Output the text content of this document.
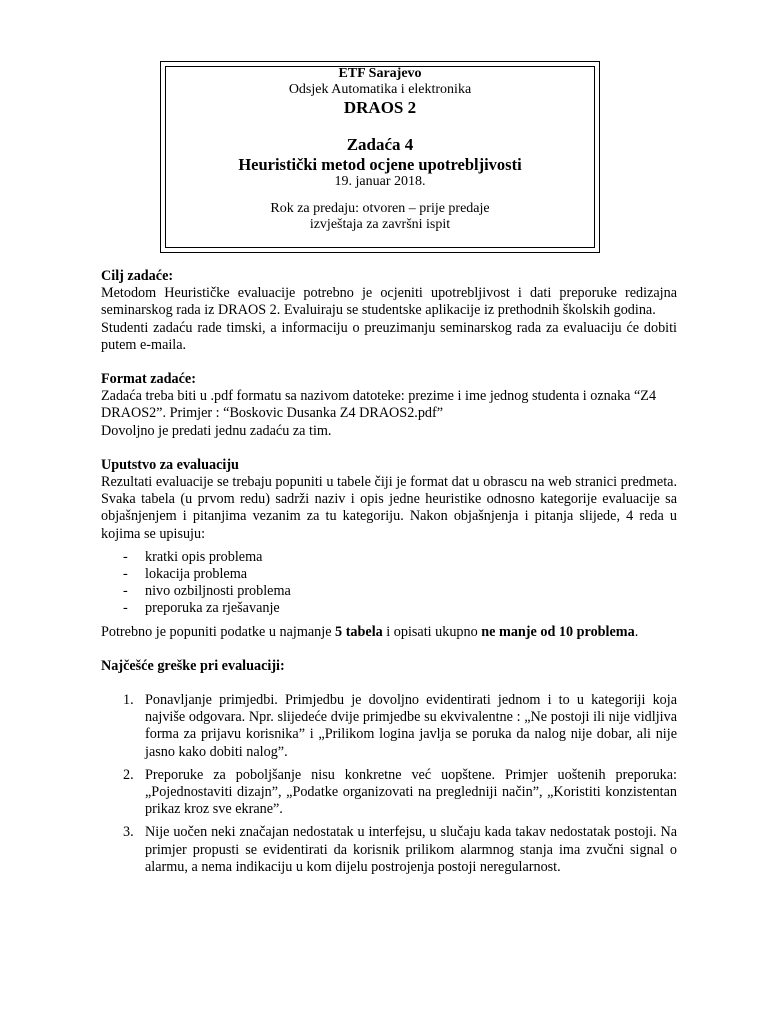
ETF Sarajevo
Odsjek Automatika i elektronika
DRAOS 2
Zadaća 4
Heuristički metod ocjene upotrebljivosti
19. januar 2018.
Rok za predaju: otvoren – prije predaje
izvještaja za završni ispit
Cilj zadaće:

Metodom Heurističke evaluacije potrebno je ocjeniti upotrebljivost i dati preporuke redizajna seminarskog rada iz DRAOS 2. Evaluiraju se studentske aplikacije iz prethodnih školskih godina.

Studenti zadaću rade timski, a informaciju o preuzimanju seminarskog rada za evaluaciju će dobiti putem e-maila.

Format zadaće:

Zadaća treba biti u .pdf formatu sa nazivom datoteke: prezime i ime jednog studenta i oznaka “Z4 DRAOS2”. Primjer : “Boskovic Dusanka Z4 DRAOS2.pdf”

Dovoljno je predati jednu zadaću za tim.

Uputstvo za evaluaciju

Rezultati evaluacije se trebaju popuniti u tabele čiji je format dat u obrascu na web stranici predmeta. Svaka tabela (u prvom redu) sadrži naziv i opis jedne heuristike odnosno kategorije evaluacije sa objašnjenjem i pitanjima vezanim za tu kategoriju. Nakon objašnjenja i pitanja slijede, 4 reda u kojima se upisuju:

- kratki opis problema
- lokacija problema
- nivo ozbiljnosti problema
- preporuka za rješavanje

Potrebno je popuniti podatke u najmanje 5 tabela i opisati ukupno ne manje od 10 problema.

Najčešće greške pri evaluaciji:
1. Ponavljanje primjedbi. Primjedbu je dovoljno evidentirati jednom i to u kategoriji koja najviše odgovara. Npr. slijedeće dvije primjedbe su ekvivalentne : „Ne postoji ili nije vidljiva forma za prijavu korisnika” i „Prilikom logina javlja se poruka da nalog nije dobar, ali nije jasno kako dobiti nalog”.
2. Preporuke za poboljšanje nisu konkretne već uopštene. Primjer uoštenih preporuka: „Pojednostaviti dizajn”, „Podatke organizovati na pregledniji način”, „Koristiti konzistentan prikaz kroz sve ekrane”.
3. Nije uočen neki značajan nedostatak u interfejsu, u slučaju kada takav nedostatak postoji. Na primjer propusti se evidentirati da korisnik prilikom alarmnog stanja ima zvučni signal o alarmu, a nema indikaciju u kom dijelu postrojenja postoji neregularnost.
